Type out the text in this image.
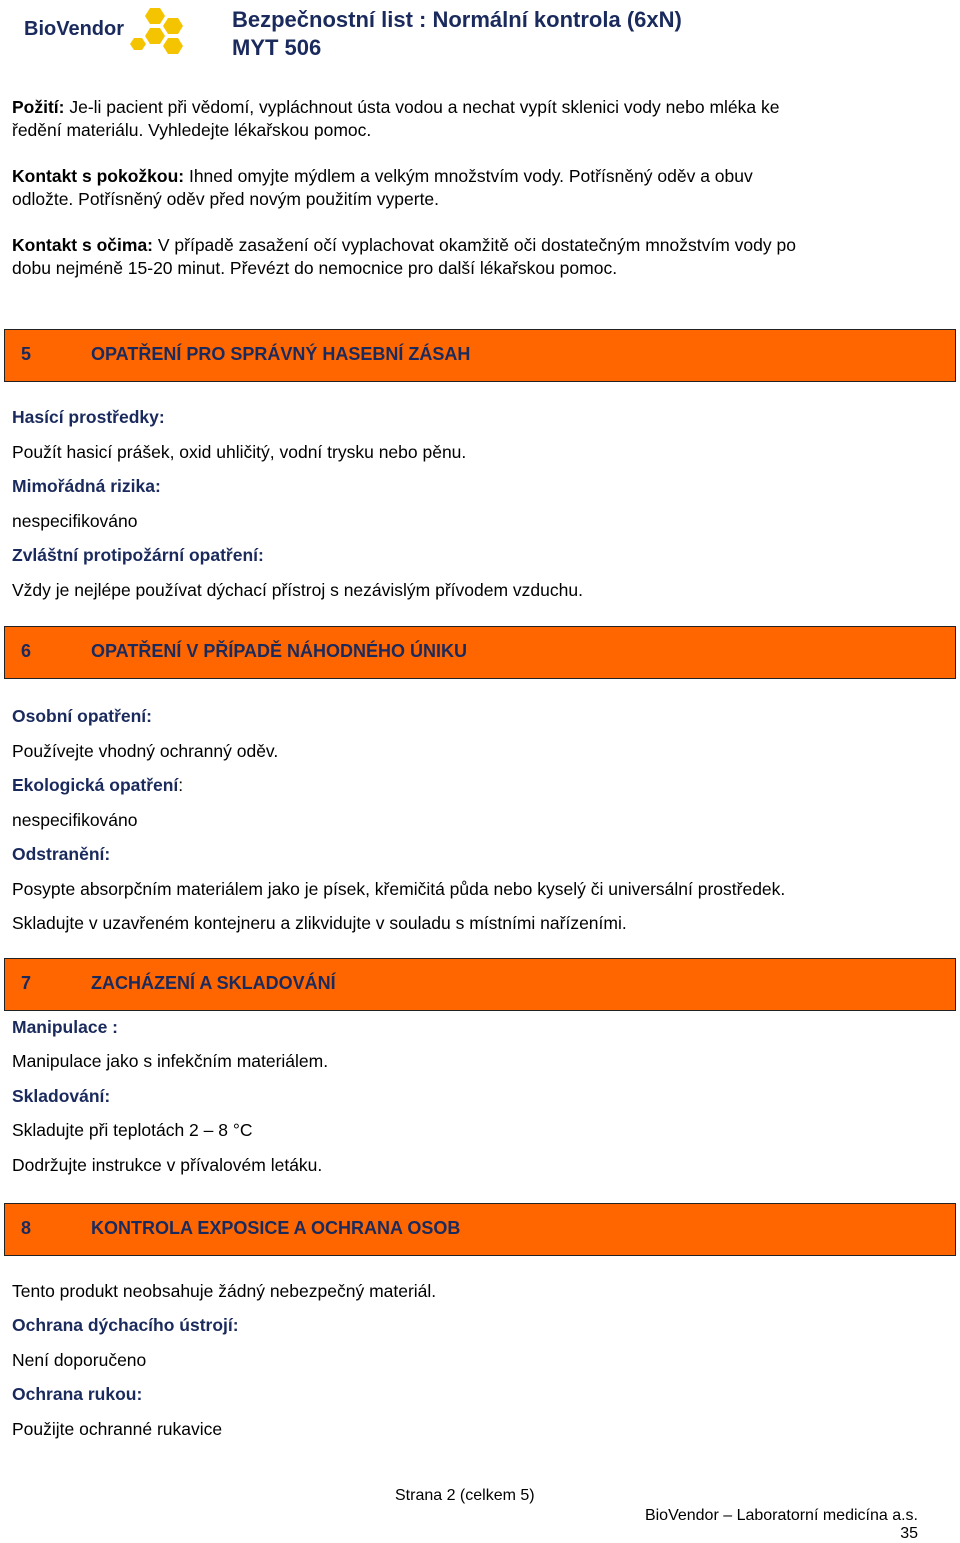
BioVendor	Bezpečnostní list : Normální kontrola (6xN)
MYT 506
Požití: Je-li pacient při vědomí, vypláchnout ústa vodou a nechat vypít sklenici vody nebo mléka ke
ředění materiálu. Vyhledejte lékařskou pomoc.
Kontakt s pokožkou: Ihned omyjte mýdlem a velkým množstvím vody. Potřísněný oděv a obuv
odložte. Potřísněný oděv před novým použitím vyperte.
Kontakt s očima: V případě zasažení očí vyplachovat okamžitě oči dostatečným množstvím vody po
dobu nejméně 15-20 minut. Převézt do nemocnice pro další lékařskou pomoc.
5	OPATŘENÍ PRO SPRÁVNÝ HASEBNÍ ZÁSAH
Hasící prostředky:
Použít hasicí prášek, oxid uhličitý, vodní trysku nebo pěnu.
Mimořádná rizika:
nespecifikováno
Zvláštní protipožární opatření:
Vždy je nejlépe používat dýchací přístroj s nezávislým přívodem vzduchu.
6	OPATŘENÍ V PŘÍPADĚ NÁHODNÉHO ÚNIKU
Osobní opatření:
Používejte vhodný ochranný oděv.
Ekologická opatření:
nespecifikováno
Odstranění:
Posypte absorpčním materiálem jako je písek, křemičitá půda nebo kyselý či universální prostředek.
Skladujte v uzavřeném kontejneru a zlikvidujte v souladu s místními nařízeními.
7	ZACHÁZENÍ A SKLADOVÁNÍ
Manipulace :
Manipulace jako s infekčním materiálem.
Skladování:
Skladujte při teplotách 2 – 8 °C
Dodržujte instrukce v přívalovém letáku.
8	KONTROLA EXPOSICE A OCHRANA OSOB
Tento produkt neobsahuje žádný nebezpečný materiál.
Ochrana dýchacího ústrojí:
Není doporučeno
Ochrana rukou:
Použijte ochranné rukavice
Strana 2 (celkem 5)
BioVendor – Laboratorní medicína a.s.
35
